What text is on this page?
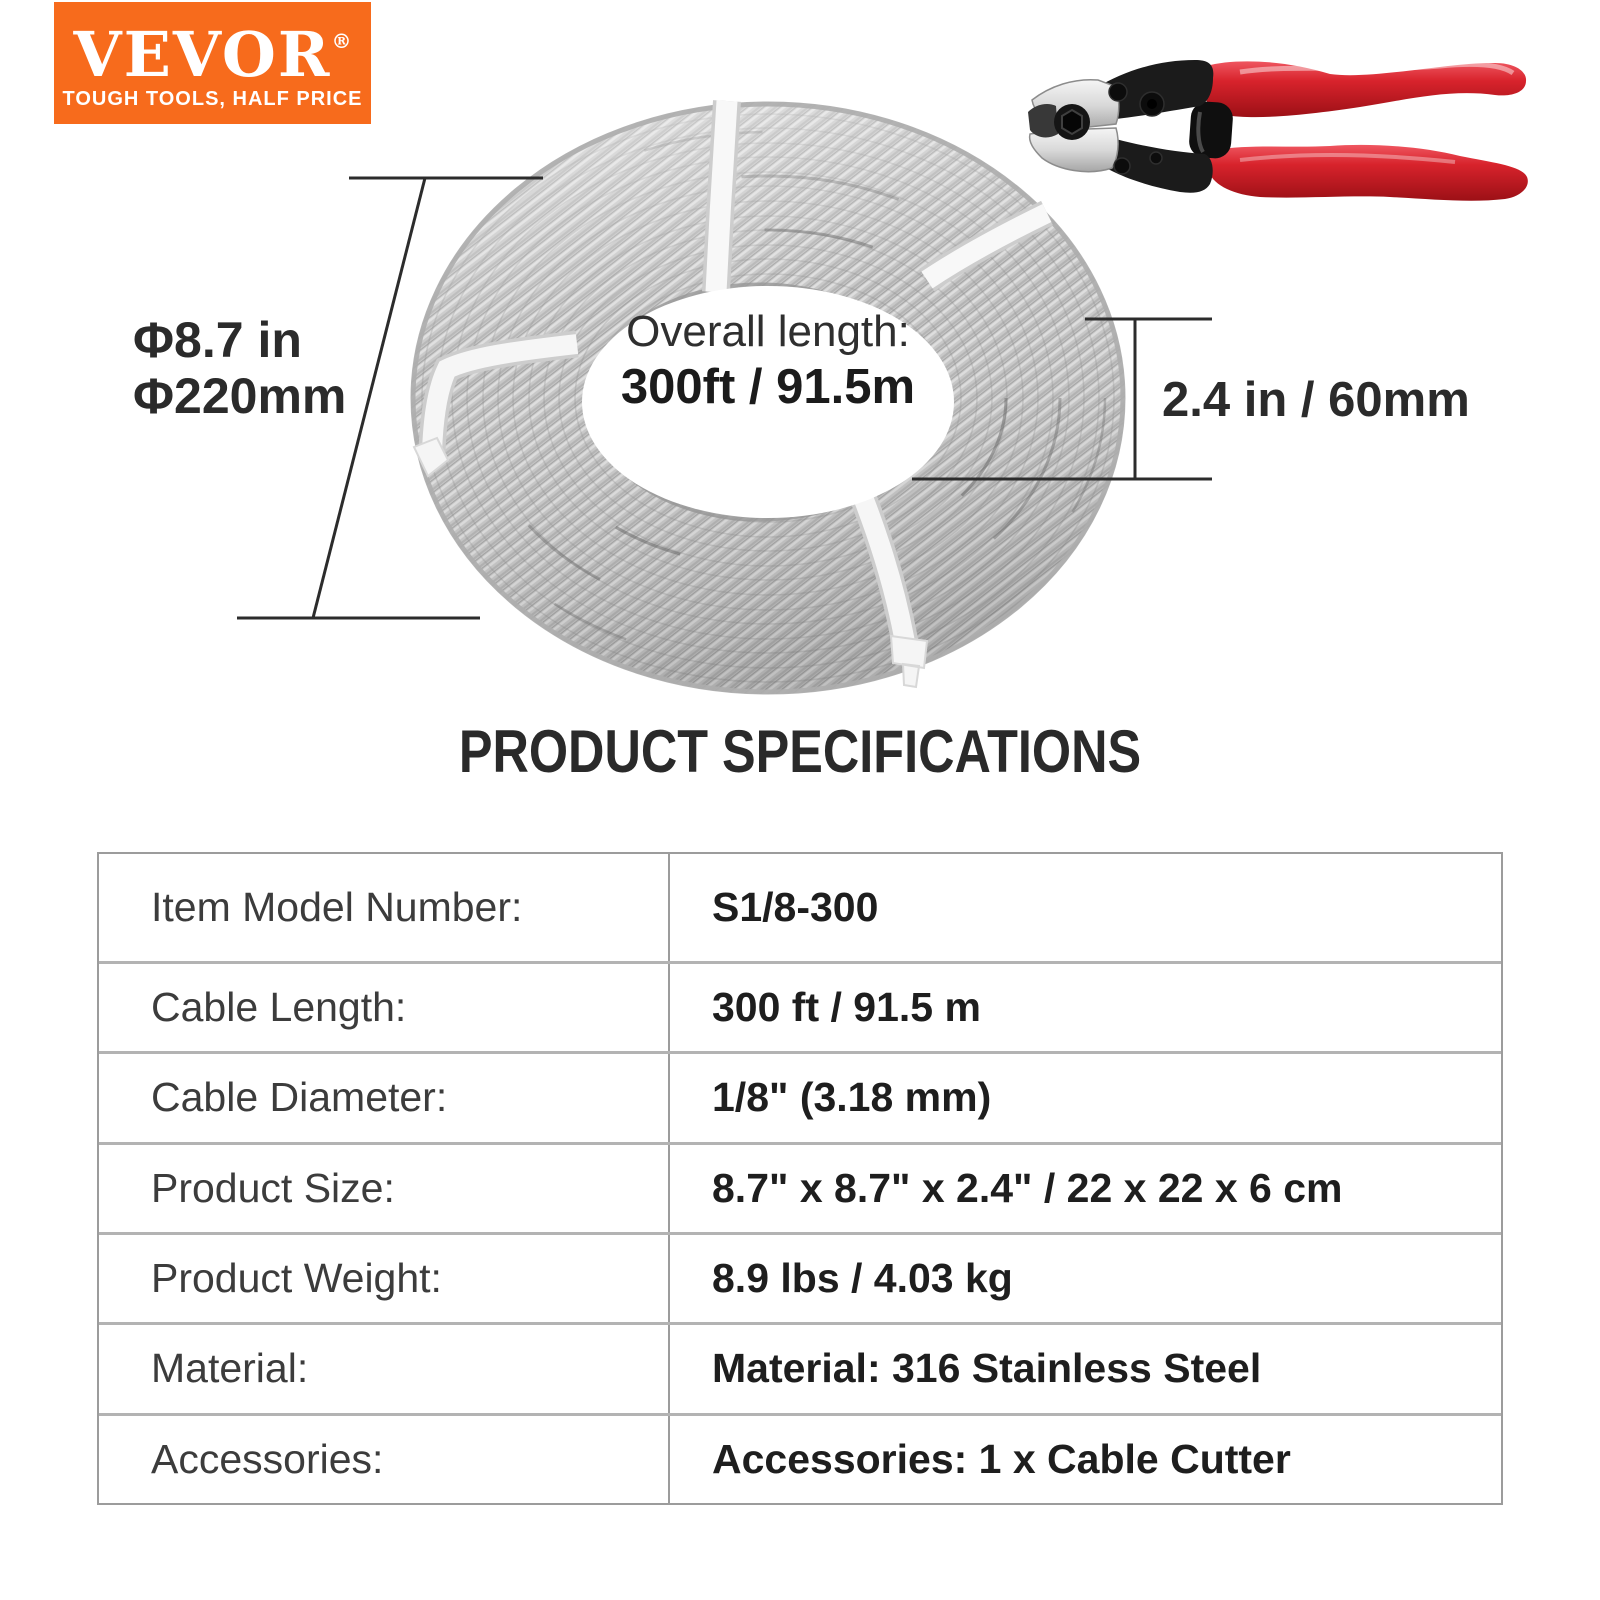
VEVOR®
TOUGH TOOLS, HALF PRICE
Φ8.7 in
Φ220mm
Overall length:
300ft / 91.5m	2.4 in / 60mm
PRODUCT SPECIFICATIONS
Item Model Number:	S1/8-300
Cable Length:	300 ft / 91.5 m
Cable Diameter:	1/8" (3.18 mm)
Product Size:	8.7" x 8.7" x 2.4" / 22 x 22 x 6 cm
Product Weight:	8.9 lbs / 4.03 kg
Material:	Material: 316 Stainless Steel
Accessories:	Accessories: 1 x Cable Cutter
